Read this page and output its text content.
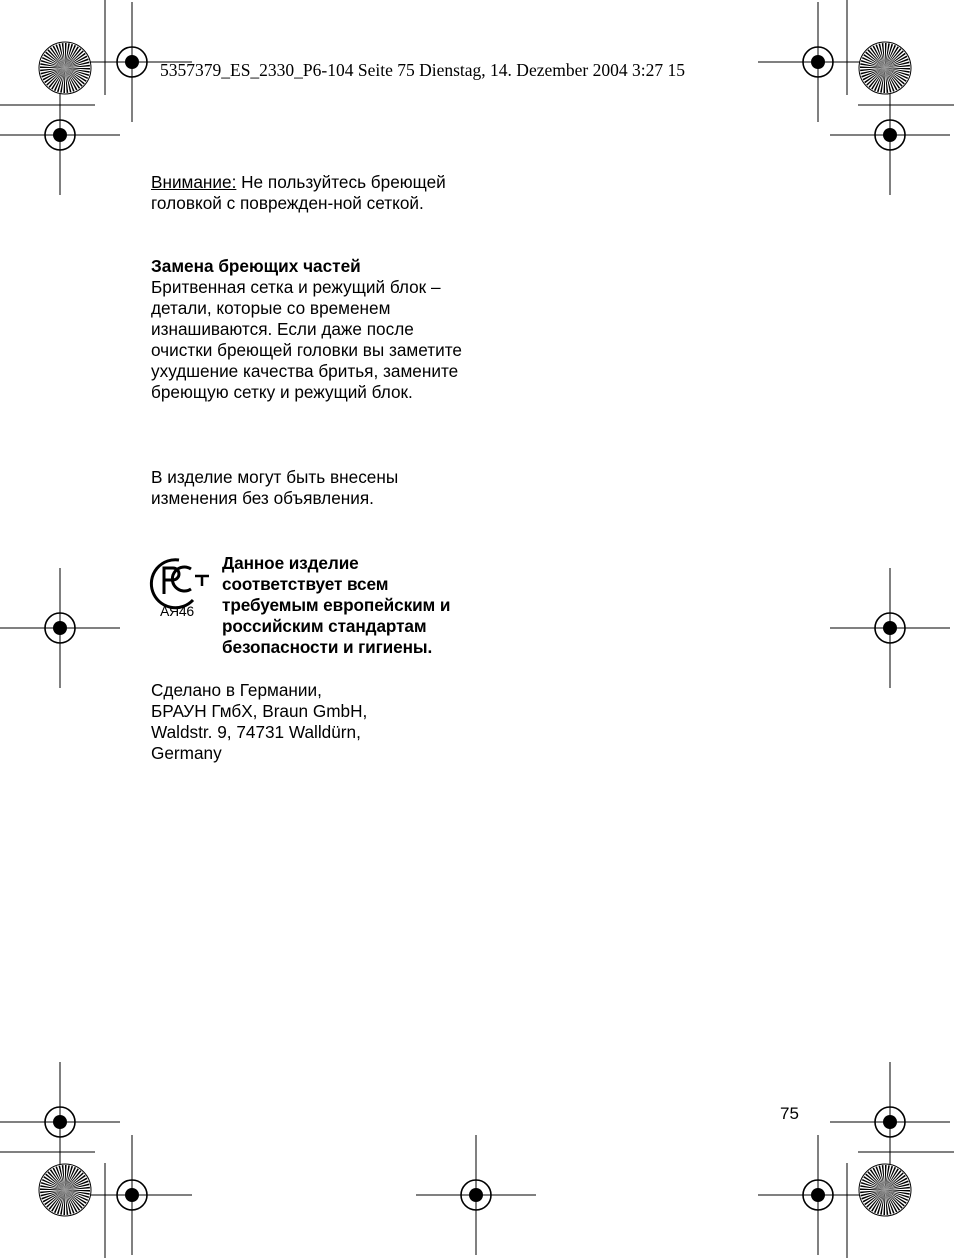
5357379_ES_2330_P6-104 Seite 75 Dienstag, 14. Dezember 2004 3:27 15

Внимание: Не пользуйтесь бреющей головкой с поврежден-ной сеткой.

Замена бреющих частей

Бритвенная сетка и режущий блок – детали, которые со временем изнашиваются. Если даже после очистки бреющей головки вы заметите ухудшение качества бритья, замените бреющую сетку и режущий блок.

В изделие могут быть внесены изменения без объявления.

АЯ46

Данное изделие соответствует всем требуемым европейским и российским стандартам безопасности и гигиены.

Сделано в Германии,

БРАУН ГмбХ, Braun GmbH,

Waldstr. 9, 74731 Walldürn,

Germany

75
